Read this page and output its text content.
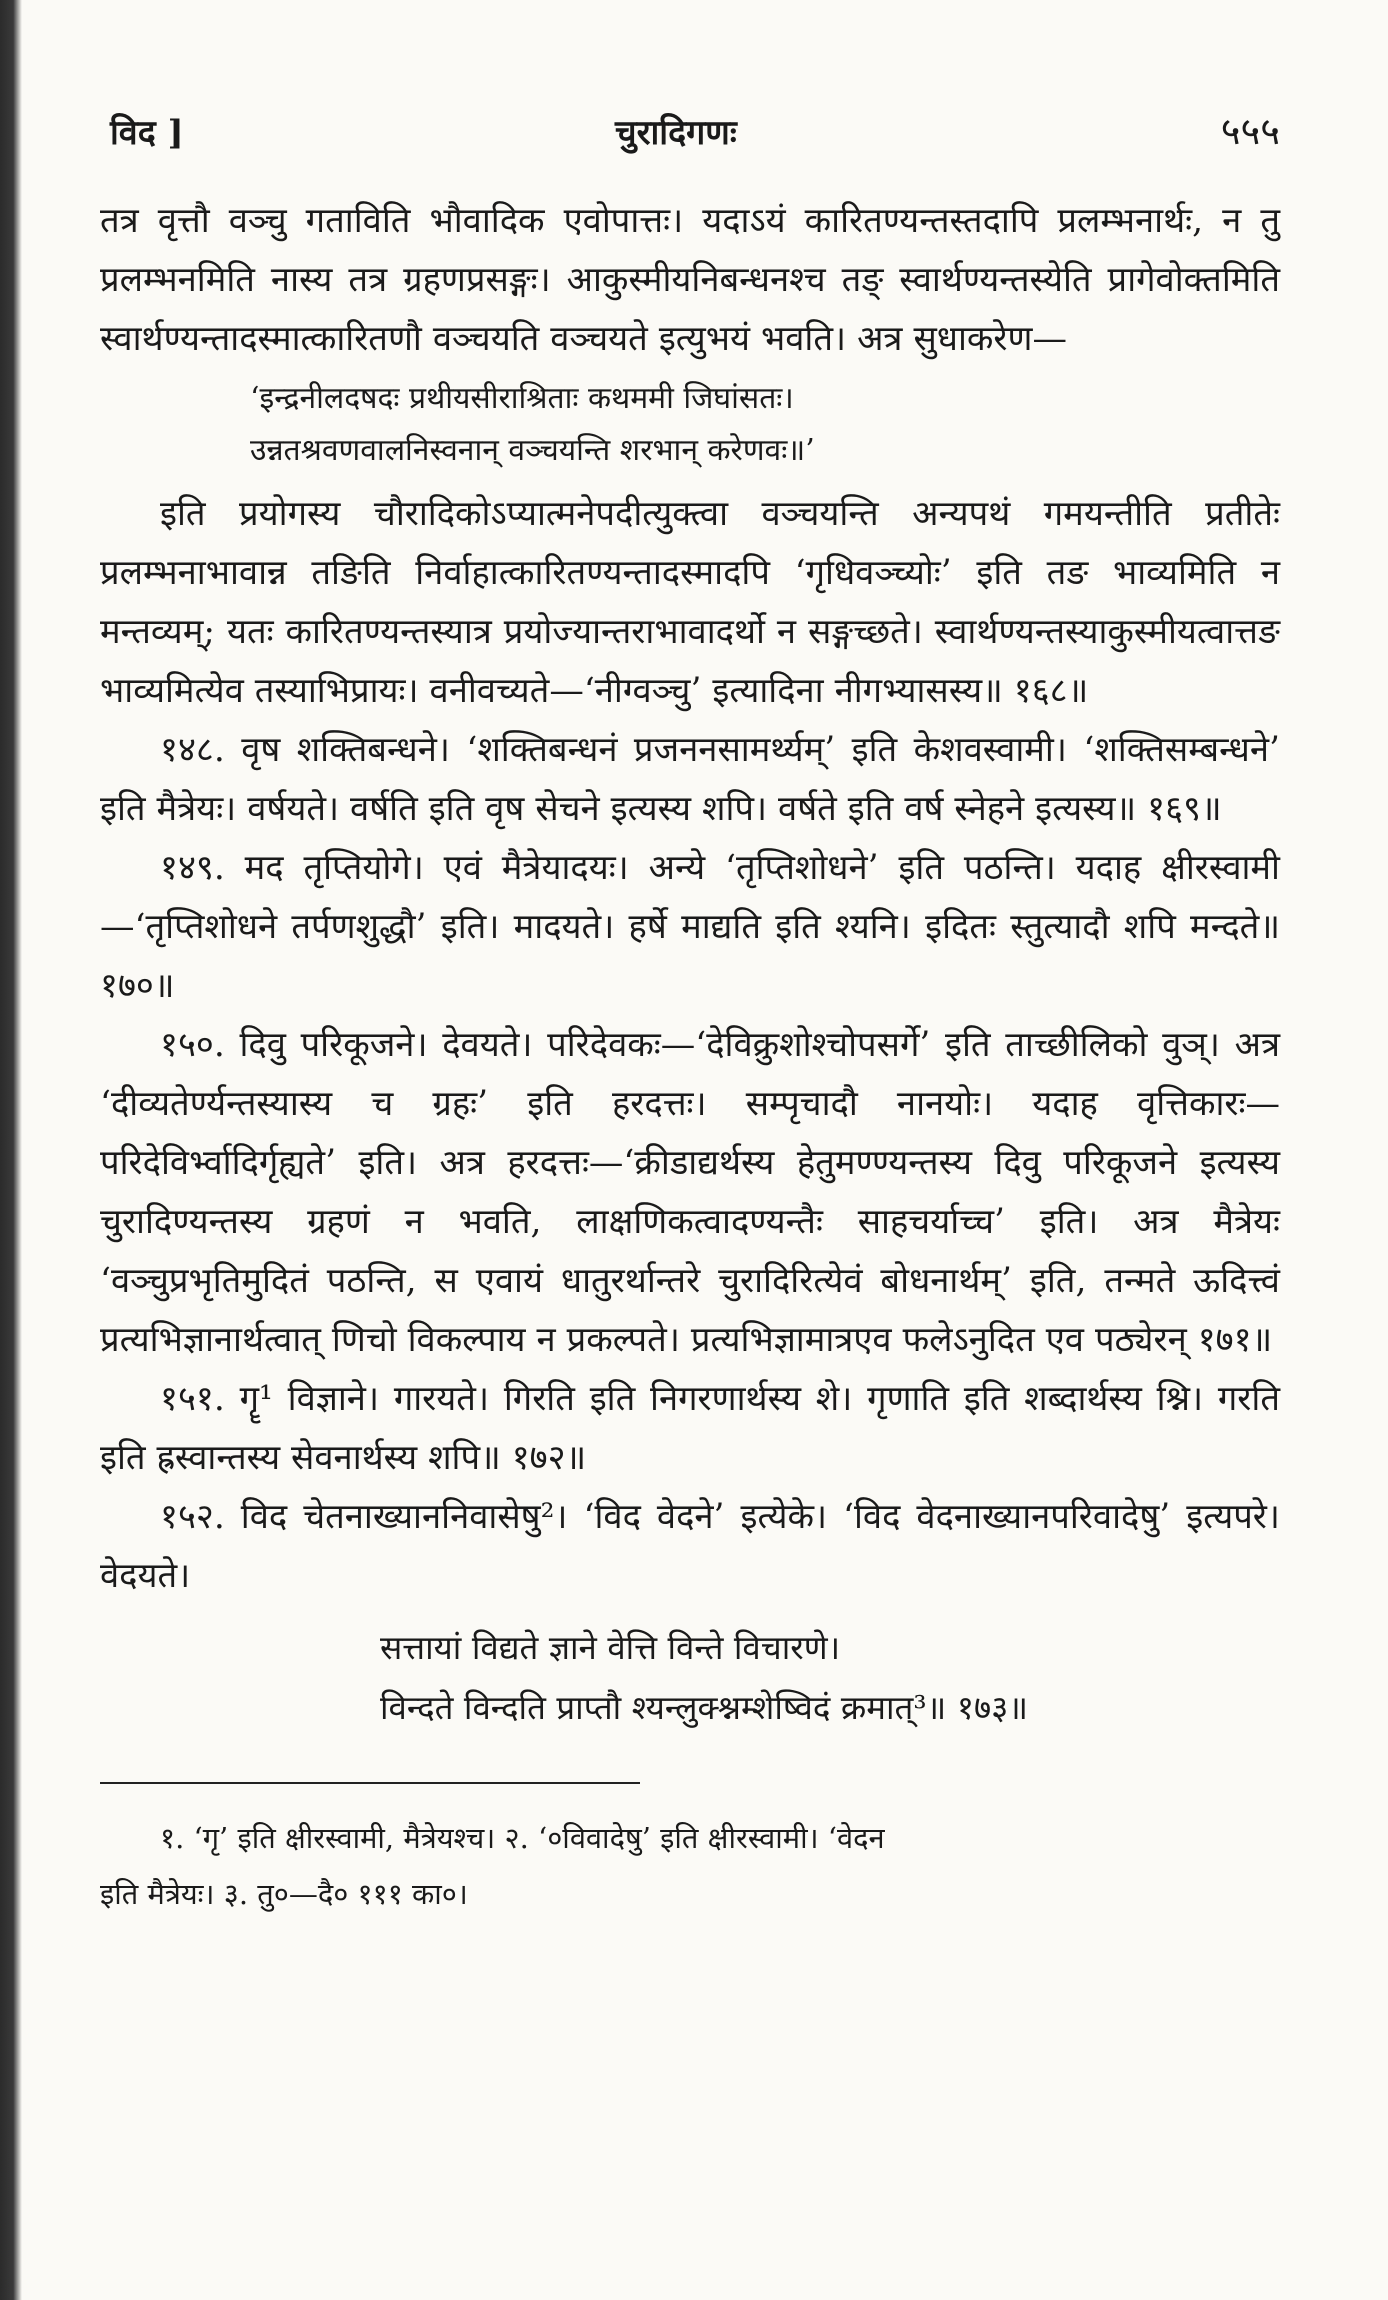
विद ]	चुरादिगणः	५५५

तत्र वृत्तौ वञ्चु गताविति भौवादिक एवोपात्तः। यदाऽयं कारितण्यन्तस्तदापि प्रलम्भनार्थः, न तु प्रलम्भनमिति नास्य तत्र ग्रहणप्रसङ्गः। आकुस्मीयनिबन्धनश्च तङ् स्वार्थण्यन्तस्येति प्रागेवोक्तमिति स्वार्थण्यन्तादस्मात्कारितणौ वञ्चयति वञ्चयते इत्युभयं भवति। अत्र सुधाकरेण—

‘इन्द्रनीलदषदः प्रथीयसीराश्रिताः कथममी जिघांसतः।
उन्नतश्रवणवालनिस्वनान् वञ्चयन्ति शरभान् करेणवः॥’

इति प्रयोगस्य चौरादिकोऽप्यात्मनेपदीत्युक्त्वा वञ्चयन्ति अन्यपथं गमयन्तीति प्रतीतेः प्रलम्भनाभावान्न तङिति निर्वाहात्कारितण्यन्तादस्मादपि ‘गृधिवञ्च्योः’ इति तङ भाव्यमिति न मन्तव्यम्; यतः कारितण्यन्तस्यात्र प्रयोज्यान्तराभावादर्थो न सङ्गच्छते। स्वार्थण्यन्तस्याकुस्मीयत्वात्तङ भाव्यमित्येव तस्याभिप्रायः। वनीवच्यते—‘नीग्वञ्चु’ इत्यादिना नीगभ्यासस्य॥ १६८॥

१४८. वृष शक्तिबन्धने। ‘शक्तिबन्धनं प्रजननसामर्थ्यम्’ इति केशवस्वामी। ‘शक्तिसम्बन्धने’ इति मैत्रेयः। वर्षयते। वर्षति इति वृष सेचने इत्यस्य शपि। वर्षते इति वर्ष स्नेहने इत्यस्य॥ १६९॥

१४९. मद तृप्तियोगे। एवं मैत्रेयादयः। अन्ये ‘तृप्तिशोधने’ इति पठन्ति। यदाह क्षीरस्वामी—‘तृप्तिशोधने तर्पणशुद्धौ’ इति। मादयते। हर्षे माद्यति इति श्यनि। इदितः स्तुत्यादौ शपि मन्दते॥ १७०॥

१५०. दिवु परिकूजने। देवयते। परिदेवकः—‘देविक्रुशोश्चोपसर्गे’ इति ताच्छीलिको वुञ्। अत्र ‘दीव्यतेर्ण्यन्तस्यास्य च ग्रहः’ इति हरदत्तः। सम्पृचादौ नानयोः। यदाह वृत्तिकारः—परिदेविर्भ्वादिर्गृह्यते’ इति। अत्र हरदत्तः—‘क्रीडाद्यर्थस्य हेतुमण्ण्यन्तस्य दिवु परिकूजने इत्यस्य चुरादिण्यन्तस्य ग्रहणं न भवति, लाक्षणिकत्वादण्यन्तैः साहचर्याच्च’ इति। अत्र मैत्रेयः ‘वञ्चुप्रभृतिमुदितं पठन्ति, स एवायं धातुरर्थान्तरे चुरादिरित्येवं बोधनार्थम्’ इति, तन्मते ऊदित्त्वं प्रत्यभिज्ञानार्थत्वात् णिचो विकल्पाय न प्रकल्पते। प्रत्यभिज्ञामात्रएव फलेऽनुदित एव पठ्येरन् १७१॥

१५१. गॄ¹ विज्ञाने। गारयते। गिरति इति निगरणार्थस्य शे। गृणाति इति शब्दार्थस्य श्नि। गरति इति ह्रस्वान्तस्य सेवनार्थस्य शपि॥ १७२॥

१५२. विद चेतनाख्याननिवासेषु²। ‘विद वेदने’ इत्येके। ‘विद वेदनाख्यानपरिवादेषु’ इत्यपरे। वेदयते।

सत्तायां विद्यते ज्ञाने वेत्ति विन्ते विचारणे।
विन्दते विन्दति प्राप्तौ श्यन्लुक्श्नम्शेष्विदं क्रमात्³॥ १७३॥
१. ‘गृ’ इति क्षीरस्वामी, मैत्रेयश्च। २. ‘०विवादेषु’ इति क्षीरस्वामी। ‘वेदन
इति मैत्रेयः। ३. तु०—दै० १११ का०।
